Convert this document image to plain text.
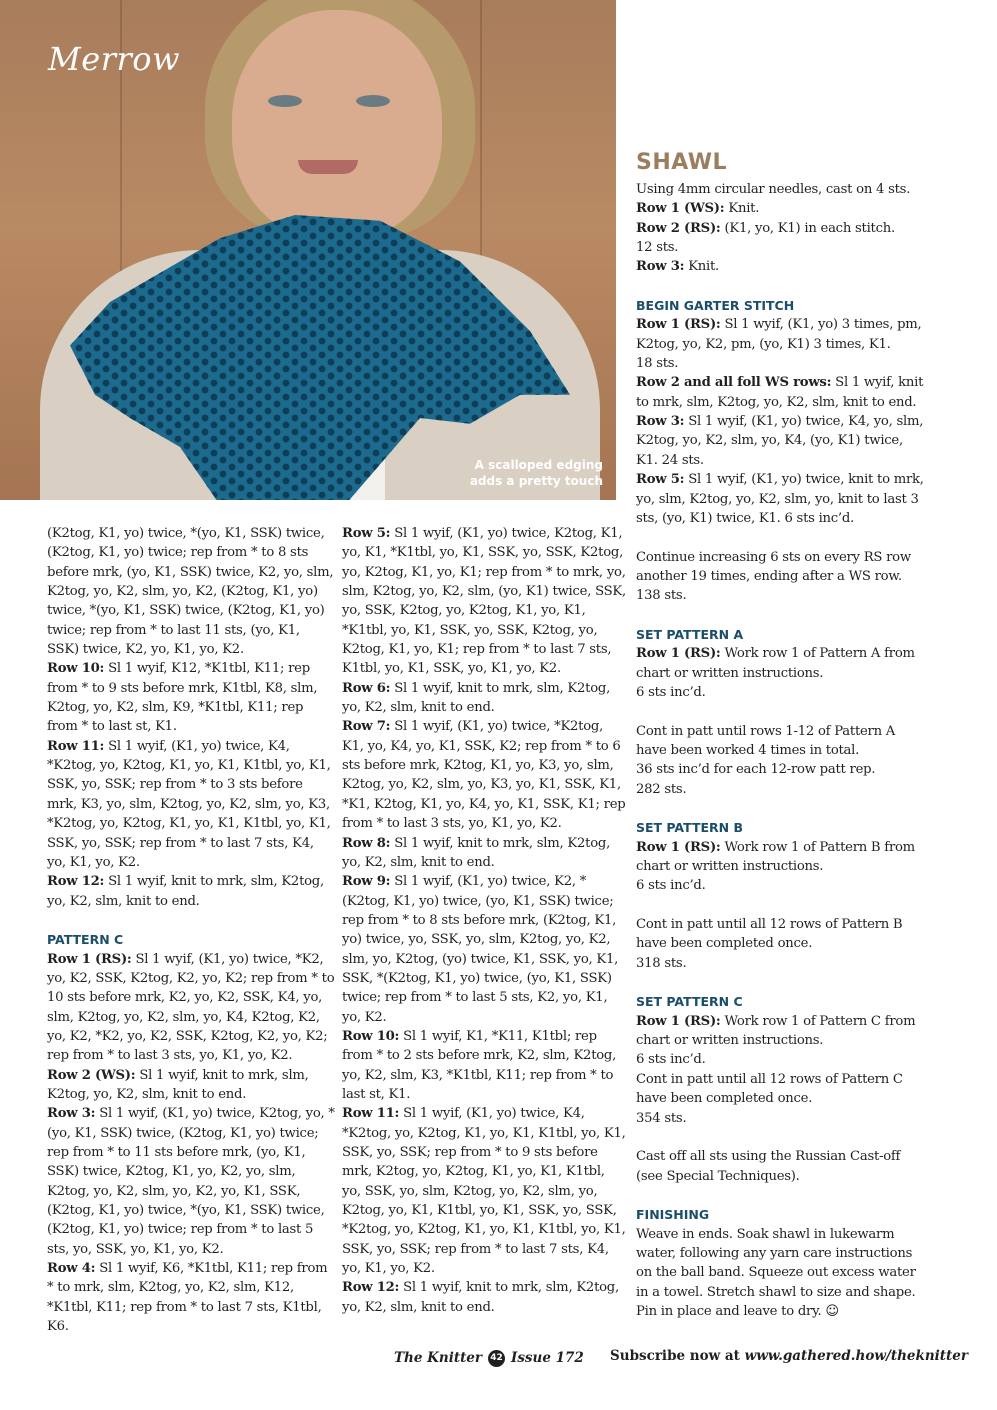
Merrow
A scalloped edging
adds a pretty touch

(K2tog, K1, yo) twice, *(yo, K1, SSK) twice, (K2tog, K1, yo) twice; rep from * to 8 sts before mrk, (yo, K1, SSK) twice, K2, yo, slm, K2tog, yo, K2, slm, yo, K2, (K2tog, K1, yo) twice, *(yo, K1, SSK) twice, (K2tog, K1, yo) twice; rep from * to last 11 sts, (yo, K1, SSK) twice, K2, yo, K1, yo, K2.

Row 10: Sl 1 wyif, K12, *K1tbl, K11; rep from * to 9 sts before mrk, K1tbl, K8, slm, K2tog, yo, K2, slm, K9, *K1tbl, K11; rep from * to last st, K1.

Row 11: Sl 1 wyif, (K1, yo) twice, K4, *K2tog, yo, K2tog, K1, yo, K1, K1tbl, yo, K1, SSK, yo, SSK; rep from * to 3 sts before mrk, K3, yo, slm, K2tog, yo, K2, slm, yo, K3, *K2tog, yo, K2tog, K1, yo, K1, K1tbl, yo, K1, SSK, yo, SSK; rep from * to last 7 sts, K4, yo, K1, yo, K2.

Row 12: Sl 1 wyif, knit to mrk, slm, K2tog, yo, K2, slm, knit to end.

PATTERN C

Row 1 (RS): Sl 1 wyif, (K1, yo) twice, *K2, yo, K2, SSK, K2tog, K2, yo, K2; rep from * to 10 sts before mrk, K2, yo, K2, SSK, K4, yo, slm, K2tog, yo, K2, slm, yo, K4, K2tog, K2, yo, K2, *K2, yo, K2, SSK, K2tog, K2, yo, K2; rep from * to last 3 sts, yo, K1, yo, K2.

Row 2 (WS): Sl 1 wyif, knit to mrk, slm, K2tog, yo, K2, slm, knit to end.

Row 3: Sl 1 wyif, (K1, yo) twice, K2tog, yo, *(yo, K1, SSK) twice, (K2tog, K1, yo) twice; rep from * to 11 sts before mrk, (yo, K1, SSK) twice, K2tog, K1, yo, K2, yo, slm, K2tog, yo, K2, slm, yo, K2, yo, K1, SSK, (K2tog, K1, yo) twice, *(yo, K1, SSK) twice, (K2tog, K1, yo) twice; rep from * to last 5 sts, yo, SSK, yo, K1, yo, K2.

Row 4: Sl 1 wyif, K6, *K1tbl, K11; rep from * to mrk, slm, K2tog, yo, K2, slm, K12, *K1tbl, K11; rep from * to last 7 sts, K1tbl, K6.

Row 5: Sl 1 wyif, (K1, yo) twice, K2tog, K1, yo, K1, *K1tbl, yo, K1, SSK, yo, SSK, K2tog, yo, K2tog, K1, yo, K1; rep from * to mrk, yo, slm, K2tog, yo, K2, slm, (yo, K1) twice, SSK, yo, SSK, K2tog, yo, K2tog, K1, yo, K1, *K1tbl, yo, K1, SSK, yo, SSK, K2tog, yo, K2tog, K1, yo, K1; rep from * to last 7 sts, K1tbl, yo, K1, SSK, yo, K1, yo, K2.

Row 6: Sl 1 wyif, knit to mrk, slm, K2tog, yo, K2, slm, knit to end.

Row 7: Sl 1 wyif, (K1, yo) twice, *K2tog, K1, yo, K4, yo, K1, SSK, K2; rep from * to 6 sts before mrk, K2tog, K1, yo, K3, yo, slm, K2tog, yo, K2, slm, yo, K3, yo, K1, SSK, K1, *K1, K2tog, K1, yo, K4, yo, K1, SSK, K1; rep from * to last 3 sts, yo, K1, yo, K2.

Row 8: Sl 1 wyif, knit to mrk, slm, K2tog, yo, K2, slm, knit to end.

Row 9: Sl 1 wyif, (K1, yo) twice, K2, *(K2tog, K1, yo) twice, (yo, K1, SSK) twice; rep from * to 8 sts before mrk, (K2tog, K1, yo) twice, yo, SSK, yo, slm, K2tog, yo, K2, slm, yo, K2tog, (yo) twice, K1, SSK, yo, K1, SSK, *(K2tog, K1, yo) twice, (yo, K1, SSK) twice; rep from * to last 5 sts, K2, yo, K1, yo, K2.

Row 10: Sl 1 wyif, K1, *K11, K1tbl; rep from * to 2 sts before mrk, K2, slm, K2tog, yo, K2, slm, K3, *K1tbl, K11; rep from * to last st, K1.

Row 11: Sl 1 wyif, (K1, yo) twice, K4, *K2tog, yo, K2tog, K1, yo, K1, K1tbl, yo, K1, SSK, yo, SSK; rep from * to 9 sts before mrk, K2tog, yo, K2tog, K1, yo, K1, K1tbl, yo, SSK, yo, slm, K2tog, yo, K2, slm, yo, K2tog, yo, K1, K1tbl, yo, K1, SSK, yo, SSK, *K2tog, yo, K2tog, K1, yo, K1, K1tbl, yo, K1, SSK, yo, SSK; rep from * to last 7 sts, K4, yo, K1, yo, K2.

Row 12: Sl 1 wyif, knit to mrk, slm, K2tog, yo, K2, slm, knit to end.

SHAWL

Using 4mm circular needles, cast on 4 sts.

Row 1 (WS): Knit.

Row 2 (RS): (K1, yo, K1) in each stitch.

12 sts.

Row 3: Knit.

BEGIN GARTER STITCH

Row 1 (RS): Sl 1 wyif, (K1, yo) 3 times, pm, K2tog, yo, K2, pm, (yo, K1) 3 times, K1.

18 sts.

Row 2 and all foll WS rows: Sl 1 wyif, knit to mrk, slm, K2tog, yo, K2, slm, knit to end.

Row 3: Sl 1 wyif, (K1, yo) twice, K4, yo, slm, K2tog, yo, K2, slm, yo, K4, (yo, K1) twice, K1. 24 sts.

Row 5: Sl 1 wyif, (K1, yo) twice, knit to mrk, yo, slm, K2tog, yo, K2, slm, yo, knit to last 3 sts, (yo, K1) twice, K1. 6 sts inc’d.

Continue increasing 6 sts on every RS row another 19 times, ending after a WS row. 138 sts.

SET PATTERN A

Row 1 (RS): Work row 1 of Pattern A from chart or written instructions.

6 sts inc’d.

Cont in patt until rows 1-12 of Pattern A have been worked 4 times in total.

36 sts inc’d for each 12-row patt rep.

282 sts.

SET PATTERN B

Row 1 (RS): Work row 1 of Pattern B from chart or written instructions.

6 sts inc’d.

Cont in patt until all 12 rows of Pattern B have been completed once.

318 sts.

SET PATTERN C

Row 1 (RS): Work row 1 of Pattern C from chart or written instructions.

6 sts inc’d.

Cont in patt until all 12 rows of Pattern C have been completed once.

354 sts.

Cast off all sts using the Russian Cast-off (see Special Techniques).

FINISHING

Weave in ends. Soak shawl in lukewarm water, following any yarn care instructions on the ball band. Squeeze out excess water in a towel. Stretch shawl to size and shape. Pin in place and leave to dry. ☺

The Knitter 42 Issue 172 Subscribe now at www.gathered.how/theknitter
